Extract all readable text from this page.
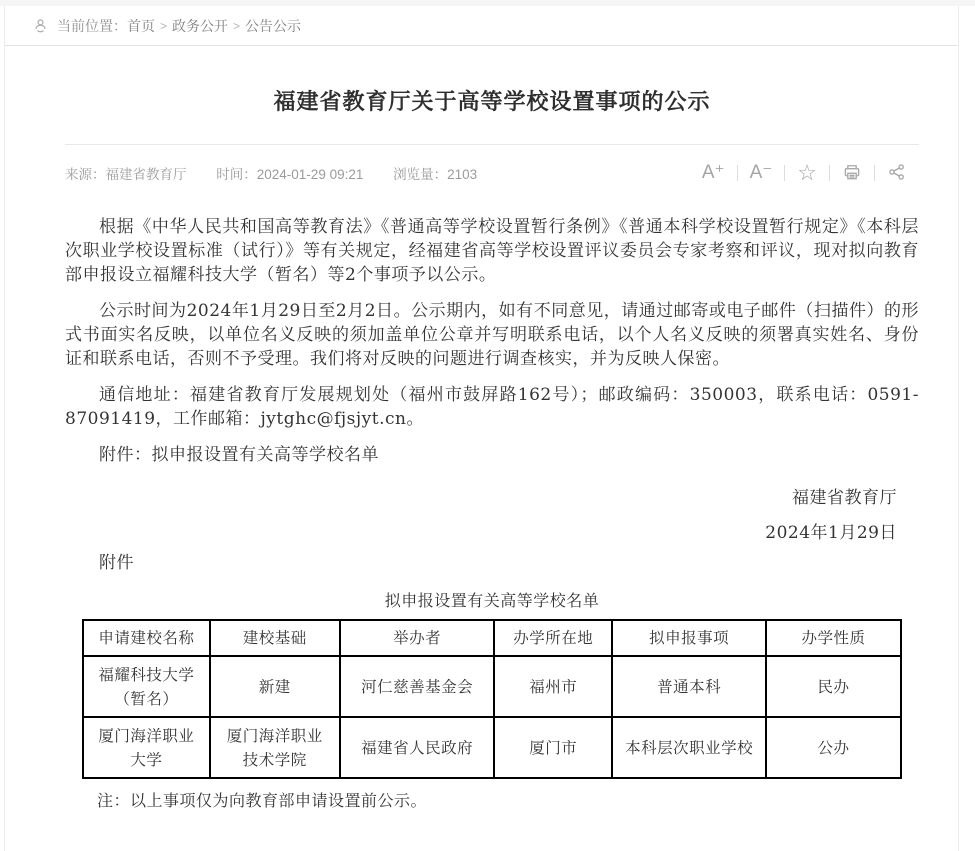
当前位置： 首页 > 政务公开 > 公告公示
福建省教育厅关于高等学校设置事项的公示
来源：福建省教育厅 时间：2024-01-29 09:21 浏览量：2103	A⁺	A⁻	☆

根据《中华人民共和国高等教育法》《普通高等学校设置暂行条例》《普通本科学校设置暂行规定》《本科层次职业学校设置标准（试行）》等有关规定，经福建省高等学校设置评议委员会专家考察和评议，现对拟向教育部申报设立福耀科技大学（暂名）等2个事项予以公示。

公示时间为2024年1月29日至2月2日。公示期内，如有不同意见，请通过邮寄或电子邮件（扫描件）的形式书面实名反映，以单位名义反映的须加盖单位公章并写明联系电话，以个人名义反映的须署真实姓名、身份证和联系电话，否则不予受理。我们将对反映的问题进行调查核实，并为反映人保密。

通信地址：福建省教育厅发展规划处（福州市鼓屏路162号）；邮政编码：350003，联系电话：0591-87091419，工作邮箱：jytghc@fjsjyt.cn。

附件：拟申报设置有关高等学校名单

福建省教育厅
2024年1月29日

附件

拟申报设置有关高等学校名单

申请建校名称	建校基础	举办者	办学所在地	拟申报事项	办学性质
福耀科技大学（暂名）	新建	河仁慈善基金会	福州市	普通本科	民办
厦门海洋职业大学	厦门海洋职业技术学院	福建省人民政府	厦门市	本科层次职业学校	公办

注：以上事项仅为向教育部申请设置前公示。
